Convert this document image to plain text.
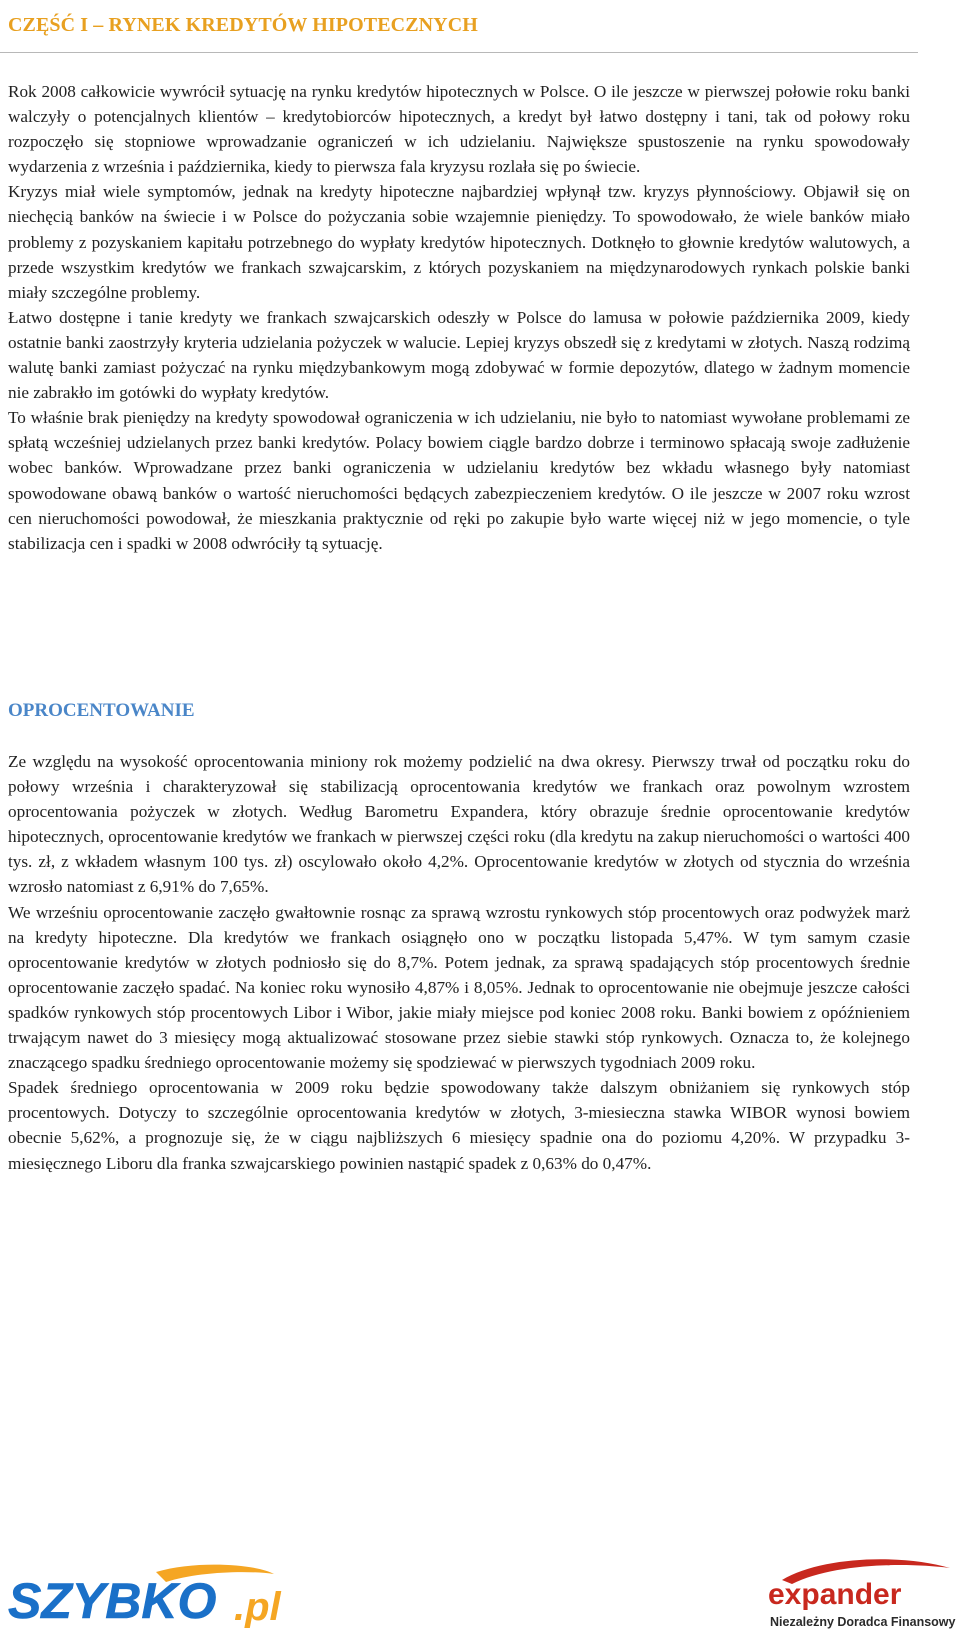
CZĘŚĆ I – RYNEK KREDYTÓW HIPOTECZNYCH

Rok 2008 całkowicie wywrócił sytuację na rynku kredytów hipotecznych w Polsce. O ile jeszcze w pierwszej połowie roku banki walczyły o potencjalnych klientów – kredytobiorców hipotecznych, a kredyt był łatwo dostępny i tani, tak od połowy roku rozpoczęło się stopniowe wprowadzanie ograniczeń w ich udzielaniu. Największe spustoszenie na rynku spowodowały wydarzenia z września i października, kiedy to pierwsza fala kryzysu rozlała się po świecie.

Kryzys miał wiele symptomów, jednak na kredyty hipoteczne najbardziej wpłynął tzw. kryzys płynnościowy. Objawił się on niechęcią banków na świecie i w Polsce do pożyczania sobie wzajemnie pieniędzy. To spowodowało, że wiele banków miało problemy z pozyskaniem kapitału potrzebnego do wypłaty kredytów hipotecznych. Dotknęło to głownie kredytów walutowych, a przede wszystkim kredytów we frankach szwajcarskim, z których pozyskaniem na międzynarodowych rynkach polskie banki miały szczególne problemy.

Łatwo dostępne i tanie kredyty we frankach szwajcarskich odeszły w Polsce do lamusa w połowie października 2009, kiedy ostatnie banki zaostrzyły kryteria udzielania pożyczek w walucie. Lepiej kryzys obszedł się z kredytami w złotych. Naszą rodzimą walutę banki zamiast pożyczać na rynku międzybankowym mogą zdobywać w formie depozytów, dlatego w żadnym momencie nie zabrakło im gotówki do wypłaty kredytów.

To właśnie brak pieniędzy na kredyty spowodował ograniczenia w ich udzielaniu, nie było to natomiast wywołane problemami ze spłatą wcześniej udzielanych przez banki kredytów. Polacy bowiem ciągle bardzo dobrze i terminowo spłacają swoje zadłużenie wobec banków. Wprowadzane przez banki ograniczenia w udzielaniu kredytów bez wkładu własnego były natomiast spowodowane obawą banków o wartość nieruchomości będących zabezpieczeniem kredytów. O ile jeszcze w 2007 roku wzrost cen nieruchomości powodował, że mieszkania praktycznie od ręki po zakupie było warte więcej niż w jego momencie, o tyle stabilizacja cen i spadki w 2008 odwróciły tą sytuację.

OPROCENTOWANIE

Ze względu na wysokość oprocentowania miniony rok możemy podzielić na dwa okresy. Pierwszy trwał od początku roku do połowy września i charakteryzował się stabilizacją oprocentowania kredytów we frankach oraz powolnym wzrostem oprocentowania pożyczek w złotych. Według Barometru Expandera, który obrazuje średnie oprocentowanie kredytów hipotecznych, oprocentowanie kredytów we frankach w pierwszej części roku (dla kredytu na zakup nieruchomości o wartości 400 tys. zł, z wkładem własnym 100 tys. zł) oscylowało około 4,2%. Oprocentowanie kredytów w złotych od stycznia do września wzrosło natomiast z 6,91% do 7,65%.

We wrześniu oprocentowanie zaczęło gwałtownie rosnąc za sprawą wzrostu rynkowych stóp procentowych oraz podwyżek marż na kredyty hipoteczne. Dla kredytów we frankach osiągnęło ono w początku listopada 5,47%. W tym samym czasie oprocentowanie kredytów w złotych podniosło się do 8,7%. Potem jednak, za sprawą spadających stóp procentowych średnie oprocentowanie zaczęło spadać. Na koniec roku wynosiło 4,87% i 8,05%. Jednak to oprocentowanie nie obejmuje jeszcze całości spadków rynkowych stóp procentowych Libor i Wibor, jakie miały miejsce pod koniec 2008 roku. Banki bowiem z opóźnieniem trwającym nawet do 3 miesięcy mogą aktualizować stosowane przez siebie stawki stóp rynkowych. Oznacza to, że kolejnego znaczącego spadku średniego oprocentowanie możemy się spodziewać w pierwszych tygodniach 2009 roku.

Spadek średniego oprocentowania w 2009 roku będzie spowodowany także dalszym obniżaniem się rynkowych stóp procentowych. Dotyczy to szczególnie oprocentowania kredytów w złotych, 3-miesieczna stawka WIBOR wynosi bowiem obecnie 5,62%, a prognozuje się, że w ciągu najbliższych 6 miesięcy spadnie ona do poziomu 4,20%. W przypadku 3-miesięcznego Liboru dla franka szwajcarskiego powinien nastąpić spadek z 0,63% do 0,47%.

SZYBKO .pl	expander
Niezależny Doradca Finansowy
